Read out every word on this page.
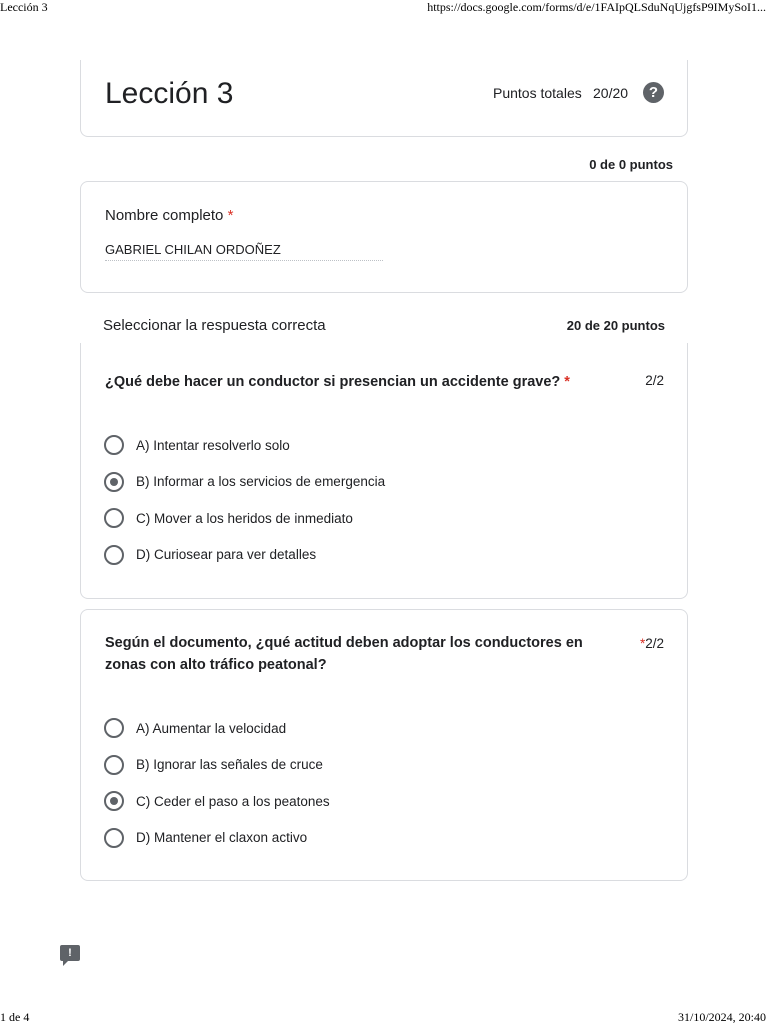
Lección 3	https://docs.google.com/forms/d/e/1FAIpQLSduNqUjgfsP9IMySoI1...
Lección 3	Puntos totales 20/20	?
0 de 0 puntos
Nombre completo *
GABRIEL CHILAN ORDOÑEZ
Seleccionar la respuesta correcta	20 de 20 puntos
¿Qué debe hacer un conductor si presencian un accidente grave? *	2/2
A) Intentar resolverlo solo
B) Informar a los servicios de emergencia
C) Mover a los heridos de inmediato
D) Curiosear para ver detalles
Según el documento, ¿qué actitud deben adoptar los conductores en zonas con alto tráfico peatonal?
*2/2
A) Aumentar la velocidad
B) Ignorar las señales de cruce
C) Ceder el paso a los peatones
D) Mantener el claxon activo
!
1 de 4	31/10/2024, 20:40
